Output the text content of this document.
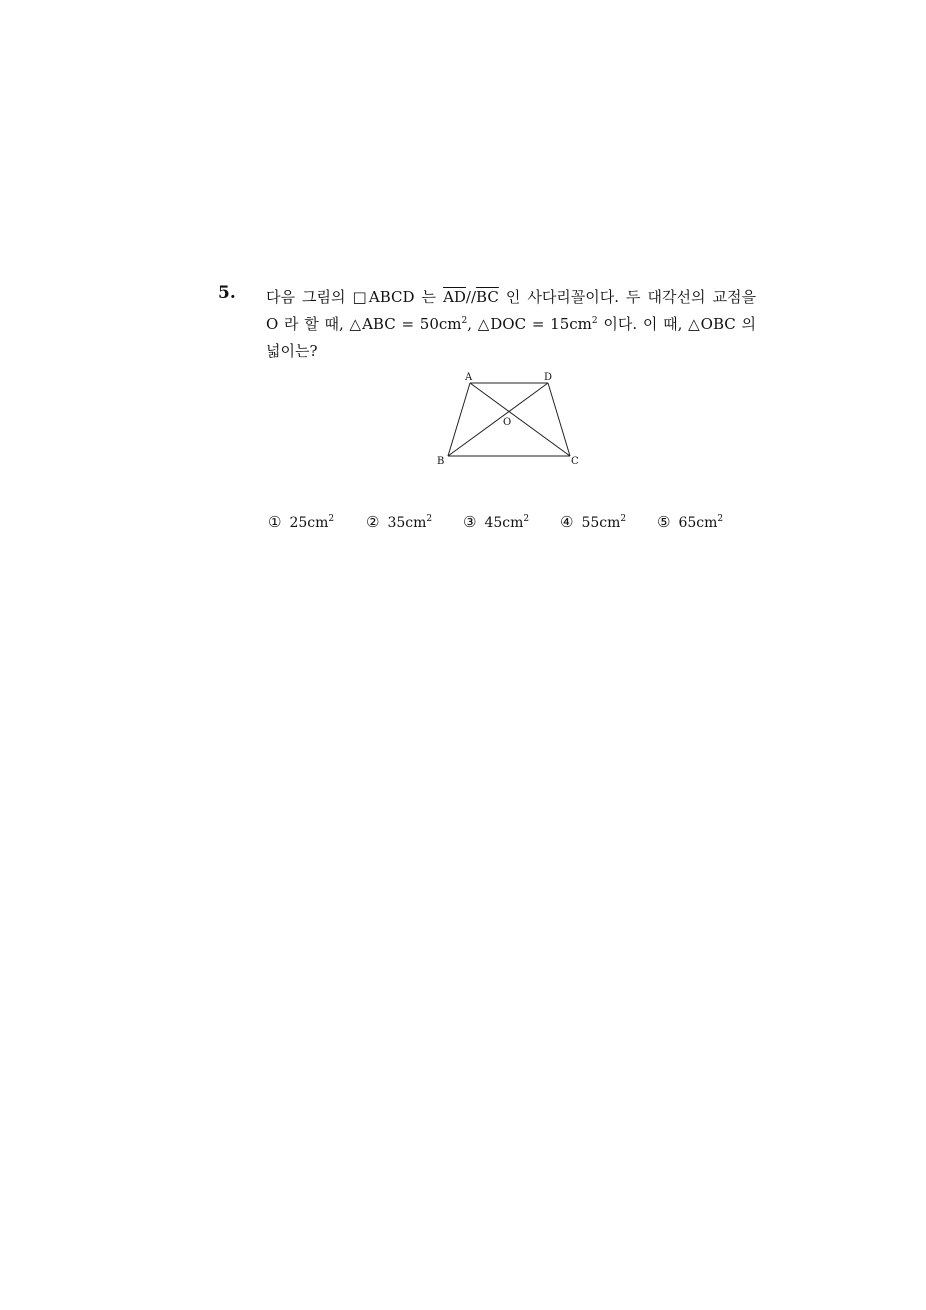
5. 다음 그림의 □ABCD 는 $\overline{AD}//\overline{BC}$ 인 사다리꼴이다. 두 대각선의 교점을
O 라 할 때, △ABC = $50cm^2$, △DOC = $15cm^2$ 이다. 이 때, △OBC 의
넓이는?
A	D
B	C
O
① $25cm^2$ ② $35cm^2$ ③ $45cm^2$ ④ $55cm^2$ ⑤ $65cm^2$
